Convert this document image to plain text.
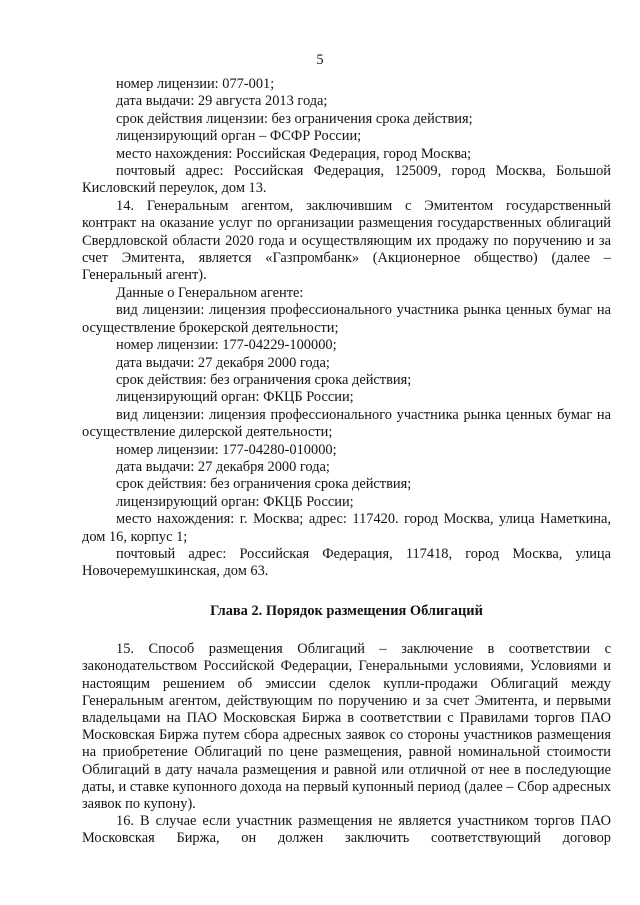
5

номер лицензии: 077-001;

дата выдачи: 29 августа 2013 года;

срок действия лицензии: без ограничения срока действия;

лицензирующий орган – ФСФР России;

место нахождения: Российская Федерация, город Москва;

почтовый адрес: Российская Федерация, 125009, город Москва, Большой Кисловский переулок, дом 13.

14. Генеральным агентом, заключившим с Эмитентом государственный контракт на оказание услуг по организации размещения государственных облигаций Свердловской области 2020 года и осуществляющим их продажу по поручению и за счет Эмитента, является «Газпромбанк» (Акционерное общество) (далее – Генеральный агент).

Данные о Генеральном агенте:

вид лицензии: лицензия профессионального участника рынка ценных бумаг на осуществление брокерской деятельности;

номер лицензии: 177-04229-100000;

дата выдачи: 27 декабря 2000 года;

срок действия: без ограничения срока действия;

лицензирующий орган: ФКЦБ России;

вид лицензии: лицензия профессионального участника рынка ценных бумаг на осуществление дилерской деятельности;

номер лицензии: 177-04280-010000;

дата выдачи: 27 декабря 2000 года;

срок действия: без ограничения срока действия;

лицензирующий орган: ФКЦБ России;

место нахождения: г. Москва; адрес: 117420. город Москва, улица Наметкина, дом 16, корпус 1;

почтовый адрес: Российская Федерация, 117418, город Москва, улица Новочеремушкинская, дом 63.

Глава 2. Порядок размещения Облигаций

15. Способ размещения Облигаций – заключение в соответствии с законодательством Российской Федерации, Генеральными условиями, Условиями и настоящим решением об эмиссии сделок купли-продажи Облигаций между Генеральным агентом, действующим по поручению и за счет Эмитента, и первыми владельцами на ПАО Московская Биржа в соответствии с Правилами торгов ПАО Московская Биржа путем сбора адресных заявок со стороны участников размещения на приобретение Облигаций по цене размещения, равной номинальной стоимости Облигаций в дату начала размещения и равной или отличной от нее в последующие даты, и ставке купонного дохода на первый купонный период (далее – Сбор адресных заявок по купону).

16. В случае если участник размещения не является участником торгов ПАО Московская Биржа, он должен заключить соответствующий договор
